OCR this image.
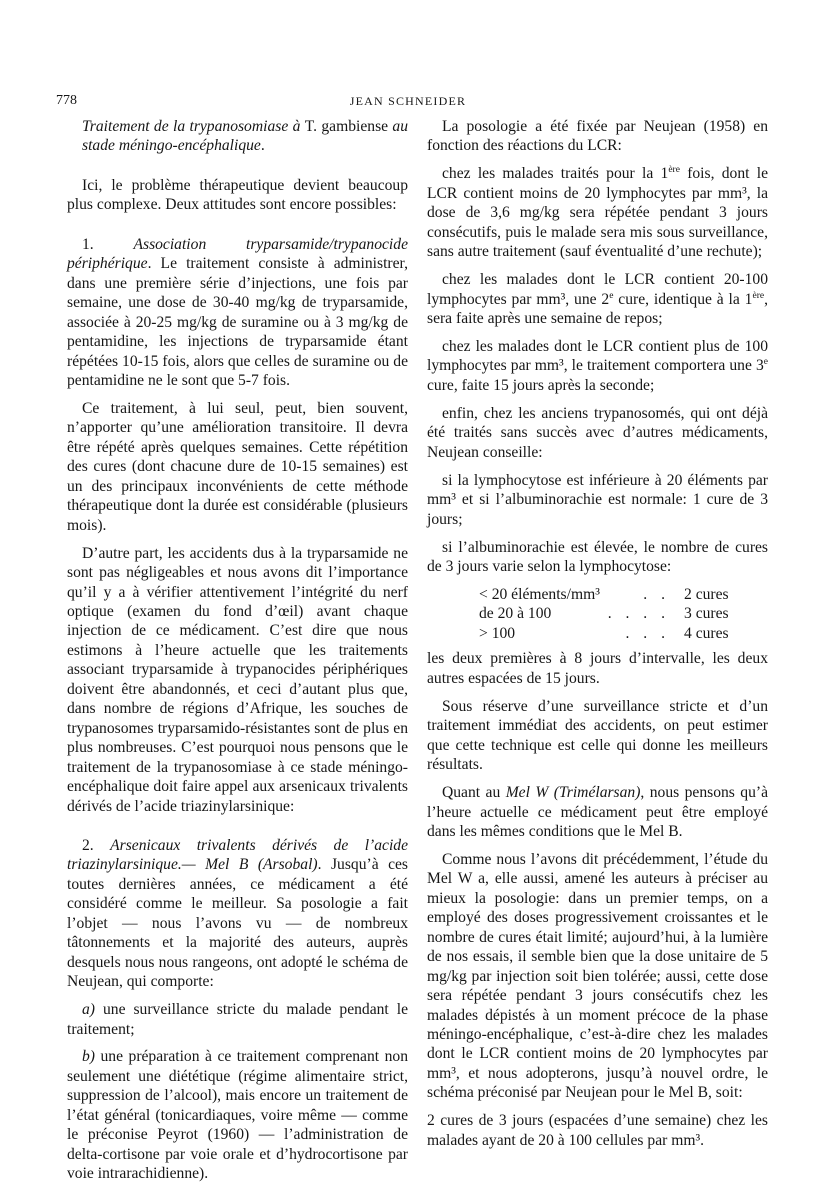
778	JEAN SCHNEIDER

Traitement de la trypanosomiase à T. gambiense au stade méningo-encéphalique.

Ici, le problème thérapeutique devient beaucoup plus complexe. Deux attitudes sont encore possibles:

1. Association tryparsamide/trypanocide périphérique. Le traitement consiste à administrer, dans une première série d’injections, une fois par semaine, une dose de 30-40 mg/kg de tryparsamide, associée à 20-25 mg/kg de suramine ou à 3 mg/kg de pentamidine, les injections de tryparsamide étant répétées 10-15 fois, alors que celles de suramine ou de pentamidine ne le sont que 5-7 fois.

Ce traitement, à lui seul, peut, bien souvent, n’apporter qu’une amélioration transitoire. Il devra être répété après quelques semaines. Cette répétition des cures (dont chacune dure de 10-15 semaines) est un des principaux inconvénients de cette méthode thérapeutique dont la durée est considérable (plusieurs mois).

D’autre part, les accidents dus à la tryparsamide ne sont pas négligeables et nous avons dit l’importance qu’il y a à vérifier attentivement l’intégrité du nerf optique (examen du fond d’œil) avant chaque injection de ce médicament. C’est dire que nous estimons à l’heure actuelle que les traitements associant tryparsamide à trypanocides périphériques doivent être abandonnés, et ceci d’autant plus que, dans nombre de régions d’Afrique, les souches de trypanosomes tryparsamido-résistantes sont de plus en plus nombreuses. C’est pourquoi nous pensons que le traitement de la trypanosomiase à ce stade méningo-encéphalique doit faire appel aux arsenicaux trivalents dérivés de l’acide triazinylarsinique:

2. Arsenicaux trivalents dérivés de l’acide triazinylarsinique.— Mel B (Arsobal). Jusqu’à ces toutes dernières années, ce médicament a été considéré comme le meilleur. Sa posologie a fait l’objet — nous l’avons vu — de nombreux tâtonnements et la majorité des auteurs, auprès desquels nous nous rangeons, ont adopté le schéma de Neujean, qui comporte:

a) une surveillance stricte du malade pendant le traitement;

b) une préparation à ce traitement comprenant non seulement une diététique (régime alimentaire strict, suppression de l’alcool), mais encore un traitement de l’état général (tonicardiaques, voire même — comme le préconise Peyrot (1960) — l’administration de delta-cortisone par voie orale et d’hydrocortisone par voie intrarachidienne).

La posologie a été fixée par Neujean (1958) en fonction des réactions du LCR:

chez les malades traités pour la 1ère fois, dont le LCR contient moins de 20 lymphocytes par mm³, la dose de 3,6 mg/kg sera répétée pendant 3 jours consécutifs, puis le malade sera mis sous surveillance, sans autre traitement (sauf éventualité d’une rechute);

chez les malades dont le LCR contient 20-100 lymphocytes par mm³, une 2e cure, identique à la 1ère, sera faite après une semaine de repos;

chez les malades dont le LCR contient plus de 100 lymphocytes par mm³, le traitement comportera une 3e cure, faite 15 jours après la seconde;

enfin, chez les anciens trypanosomés, qui ont déjà été traités sans succès avec d’autres médicaments, Neujean conseille:

si la lymphocytose est inférieure à 20 éléments par mm³ et si l’albuminorachie est normale: 1 cure de 3 jours;

si l’albuminorachie est élevée, le nombre de cures de 3 jours varie selon la lymphocytose:

< 20 éléments/mm³	. .	2 cures
de 20 à 100	. . . .	3 cures
> 100	. . .	4 cures

les deux premières à 8 jours d’intervalle, les deux autres espacées de 15 jours.

Sous réserve d’une surveillance stricte et d’un traitement immédiat des accidents, on peut estimer que cette technique est celle qui donne les meilleurs résultats.

Quant au Mel W (Trimélarsan), nous pensons qu’à l’heure actuelle ce médicament peut être employé dans les mêmes conditions que le Mel B.

Comme nous l’avons dit précédemment, l’étude du Mel W a, elle aussi, amené les auteurs à préciser au mieux la posologie: dans un premier temps, on a employé des doses progressivement croissantes et le nombre de cures était limité; aujourd’hui, à la lumière de nos essais, il semble bien que la dose unitaire de 5 mg/kg par injection soit bien tolérée; aussi, cette dose sera répétée pendant 3 jours consécutifs chez les malades dépistés à un moment précoce de la phase méningo-encéphalique, c’est-à-dire chez les malades dont le LCR contient moins de 20 lymphocytes par mm³, et nous adopterons, jusqu’à nouvel ordre, le schéma préconisé par Neujean pour le Mel B, soit:

2 cures de 3 jours (espacées d’une semaine) chez les malades ayant de 20 à 100 cellules par mm³.
